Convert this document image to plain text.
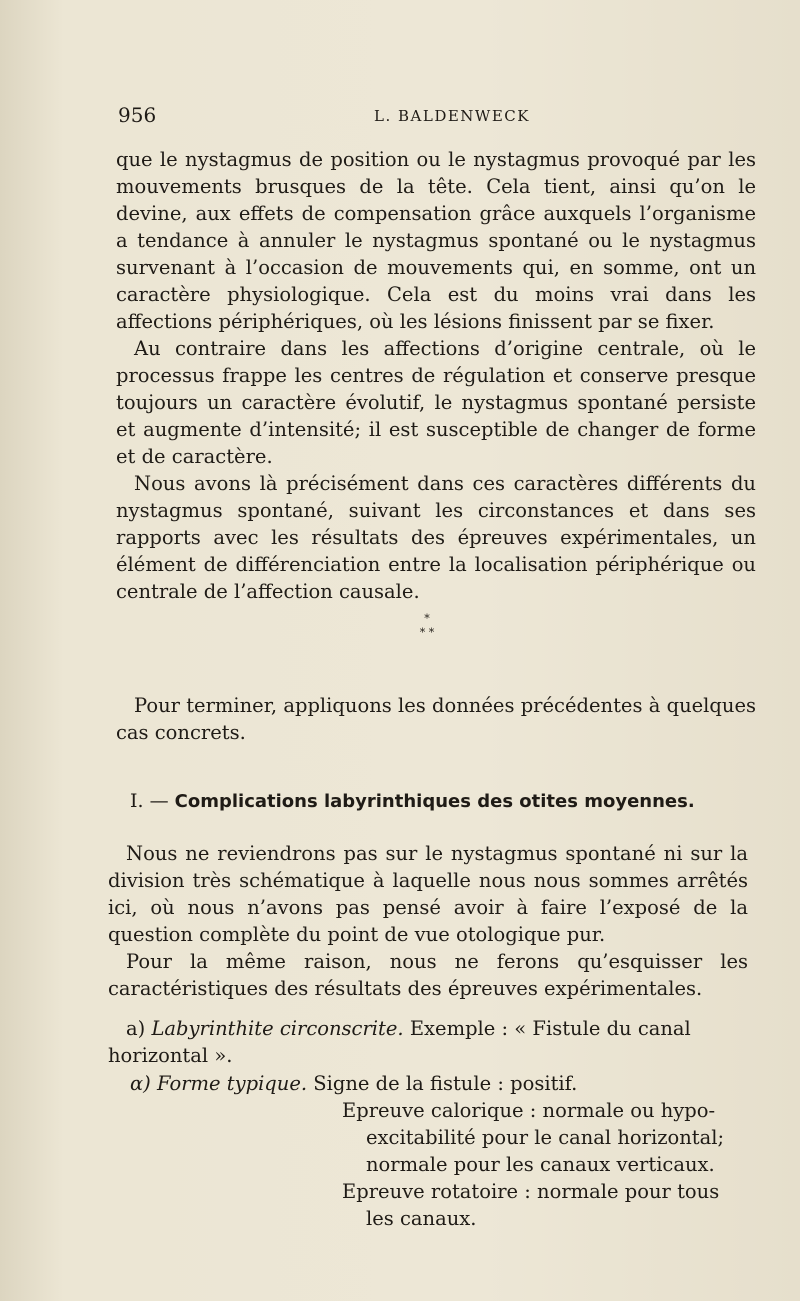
956	L. BALDENWECK

que le nystagmus de position ou le nystagmus provoqué par les mouvements brusques de la tête. Cela tient, ainsi qu’on le devine, aux effets de compensation grâce auxquels l’organisme a tendance à annuler le nystagmus spontané ou le nystagmus survenant à l’occasion de mouvements qui, en somme, ont un caractère physiologique. Cela est du moins vrai dans les affections périphériques, où les lésions finissent par se fixer.

Au contraire dans les affections d’origine centrale, où le processus frappe les centres de régulation et conserve presque toujours un caractère évolutif, le nystagmus spontané persiste et augmente d’intensité; il est susceptible de changer de forme et de caractère.

Nous avons là précisément dans ces caractères différents du nystagmus spontané, suivant les circonstances et dans ses rapports avec les résultats des épreuves expérimentales, un élément de différenciation entre la localisation périphérique ou centrale de l’affection causale.

*
* *

Pour terminer, appliquons les données précédentes à quelques cas concrets.

I. — Complications labyrinthiques des otites moyennes.

Nous ne reviendrons pas sur le nystagmus spontané ni sur la division très schématique à laquelle nous nous sommes arrêtés ici, où nous n’avons pas pensé avoir à faire l’exposé de la question complète du point de vue otologique pur.

Pour la même raison, nous ne ferons qu’esquisser les caractéristiques des résultats des épreuves expérimentales.

a) Labyrinthite circonscrite. Exemple : « Fistule du canal horizontal ».

α) Forme typique. Signe de la fistule : positif.
Epreuve calorique : normale ou hypo-
excitabilité pour le canal horizontal;
normale pour les canaux verticaux.
Epreuve rotatoire : normale pour tous
les canaux.
